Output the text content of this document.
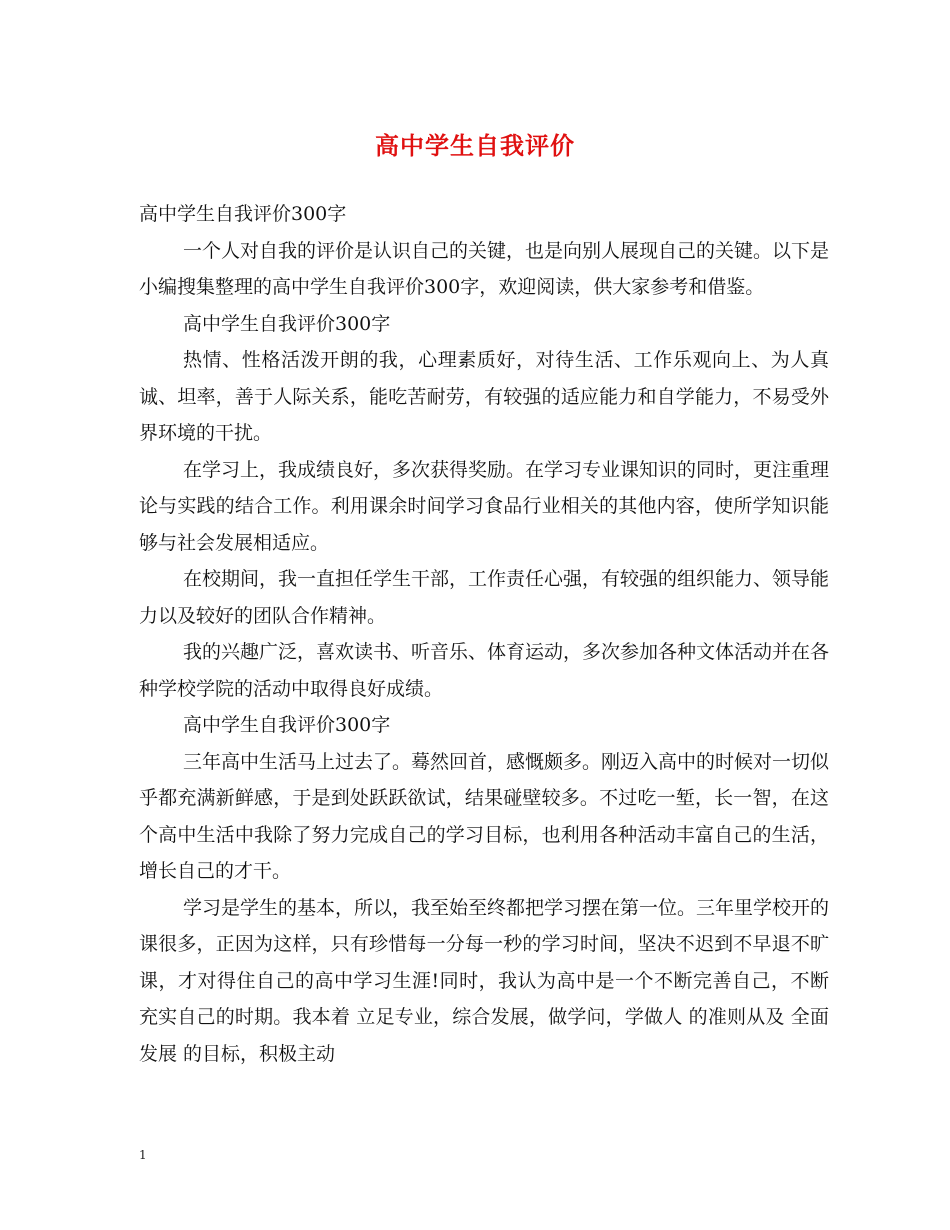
高中学生自我评价

高中学生自我评价300字

一个人对自我的评价是认识自己的关键，也是向别人展现自己的关键。以下是小编搜集整理的高中学生自我评价300字，欢迎阅读，供大家参考和借鉴。

高中学生自我评价300字

热情、性格活泼开朗的我，心理素质好，对待生活、工作乐观向上、为人真诚、坦率，善于人际关系，能吃苦耐劳，有较强的适应能力和自学能力，不易受外界环境的干扰。

在学习上，我成绩良好，多次获得奖励。在学习专业课知识的同时，更注重理论与实践的结合工作。利用课余时间学习食品行业相关的其他内容，使所学知识能够与社会发展相适应。

在校期间，我一直担任学生干部，工作责任心强，有较强的组织能力、领导能力以及较好的团队合作精神。

我的兴趣广泛，喜欢读书、听音乐、体育运动，多次参加各种文体活动并在各种学校学院的活动中取得良好成绩。

高中学生自我评价300字

三年高中生活马上过去了。蓦然回首，感慨颇多。刚迈入高中的时候对一切似乎都充满新鲜感，于是到处跃跃欲试，结果碰壁较多。不过吃一堑，长一智，在这个高中生活中我除了努力完成自己的学习目标，也利用各种活动丰富自己的生活，增长自己的才干。

学习是学生的基本，所以，我至始至终都把学习摆在第一位。三年里学校开的课很多，正因为这样，只有珍惜每一分每一秒的学习时间，坚决不迟到不早退不旷课，才对得住自己的高中学习生涯!同时，我认为高中是一个不断完善自己，不断充实自己的时期。我本着 立足专业，综合发展，做学问，学做人 的准则从及 全面发展 的目标，积极主动

1
